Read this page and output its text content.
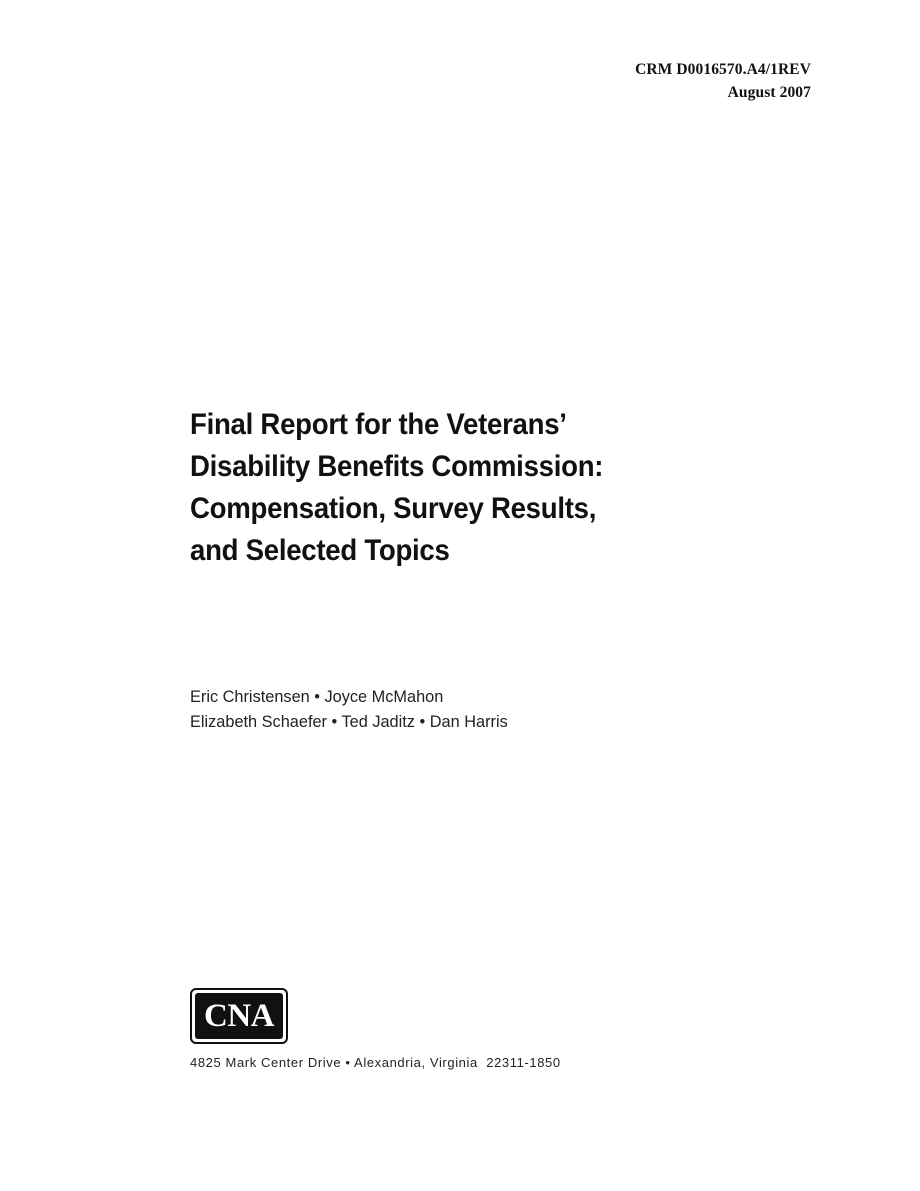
CRM D0016570.A4/1REV
August 2007
Final Report for the Veterans’
Disability Benefits Commission:
Compensation, Survey Results,
and Selected Topics
Eric Christensen • Joyce McMahon
Elizabeth Schaefer • Ted Jaditz • Dan Harris
CNA
4825 Mark Center Drive • Alexandria, Virginia  22311-1850
